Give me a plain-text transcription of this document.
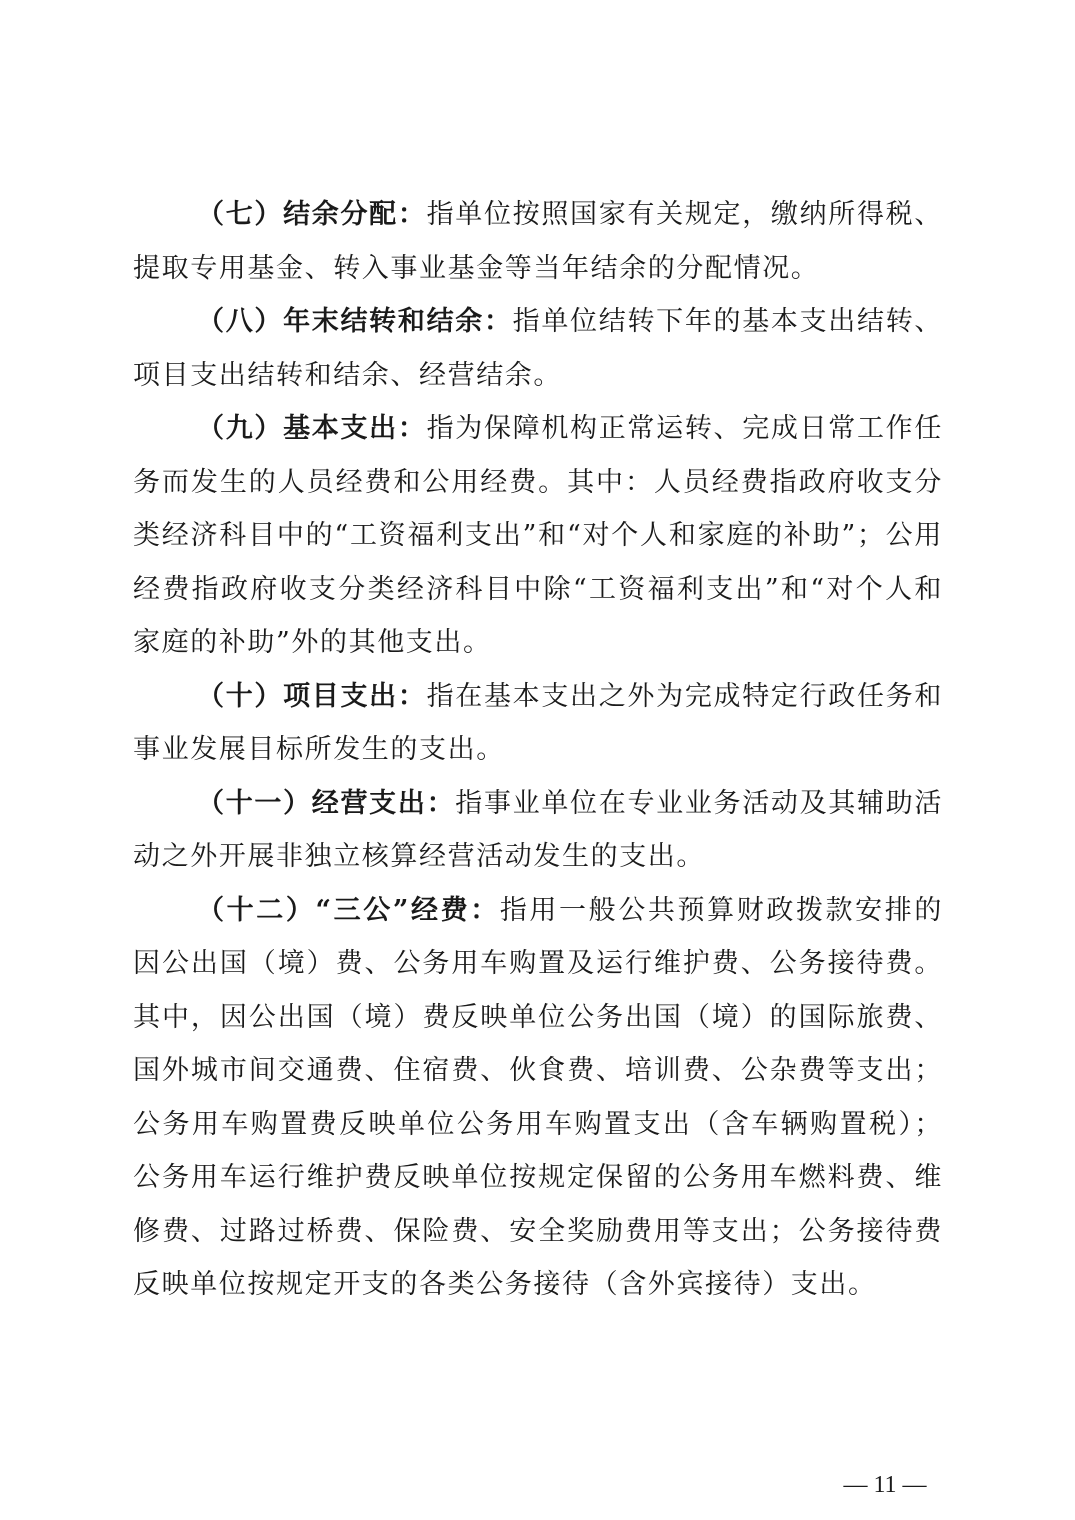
（七）结余分配：指单位按照国家有关规定，缴纳所得税、提取专用基金、转入事业基金等当年结余的分配情况。

（八）年末结转和结余：指单位结转下年的基本支出结转、项目支出结转和结余、经营结余。

（九）基本支出：指为保障机构正常运转、完成日常工作任务而发生的人员经费和公用经费。其中：人员经费指政府收支分类经济科目中的“工资福利支出”和“对个人和家庭的补助”；公用经费指政府收支分类经济科目中除“工资福利支出”和“对个人和家庭的补助”外的其他支出。

（十）项目支出：指在基本支出之外为完成特定行政任务和事业发展目标所发生的支出。

（十一）经营支出：指事业单位在专业业务活动及其辅助活动之外开展非独立核算经营活动发生的支出。

（十二）“三公”经费：指用一般公共预算财政拨款安排的因公出国（境）费、公务用车购置及运行维护费、公务接待费。其中，因公出国（境）费反映单位公务出国（境）的国际旅费、国外城市间交通费、住宿费、伙食费、培训费、公杂费等支出；公务用车购置费反映单位公务用车购置支出（含车辆购置税）；公务用车运行维护费反映单位按规定保留的公务用车燃料费、维修费、过路过桥费、保险费、安全奖励费用等支出；公务接待费反映单位按规定开支的各类公务接待（含外宾接待）支出。

— 11 —
